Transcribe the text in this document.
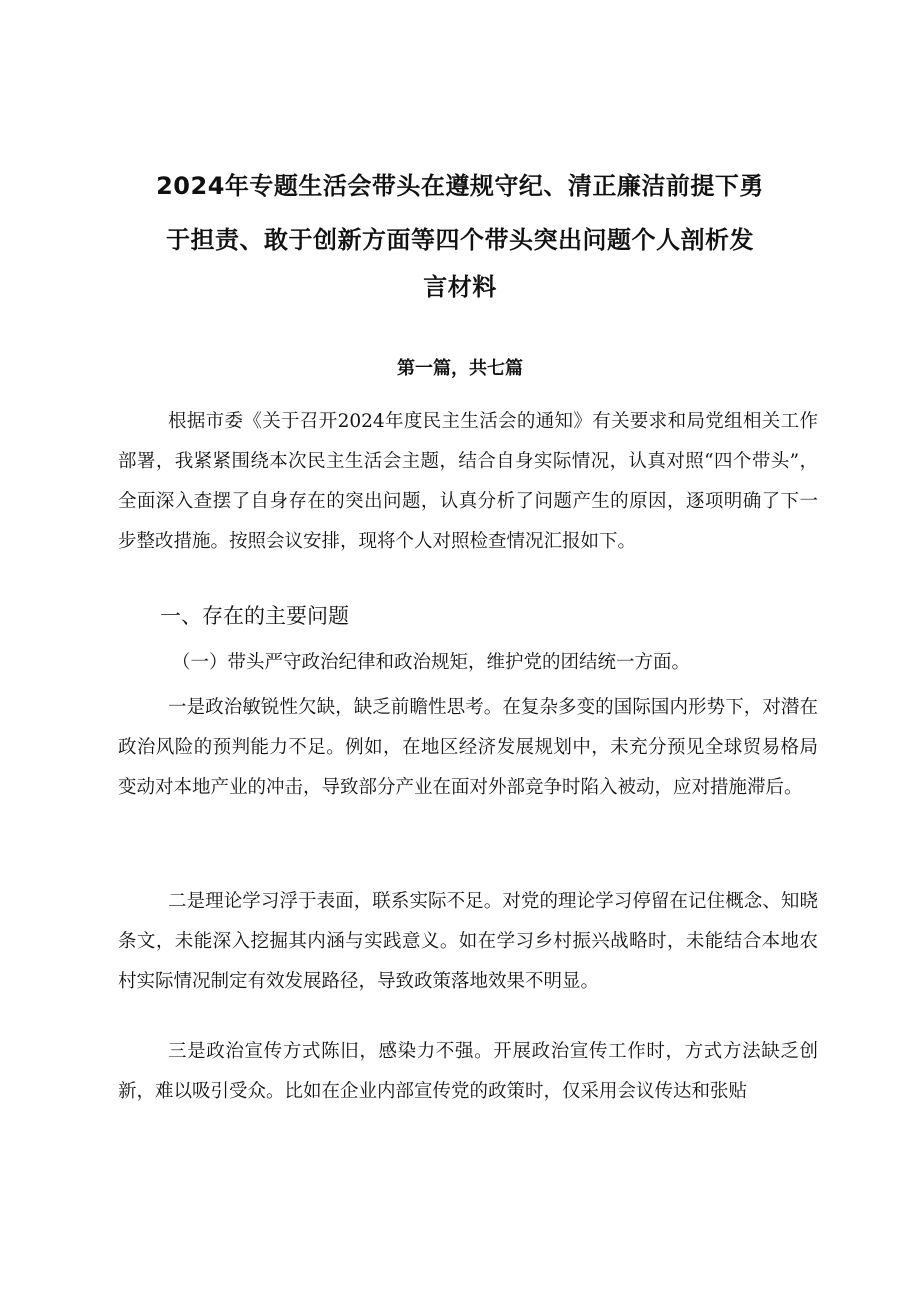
2024年专题生活会带头在遵规守纪、清正廉洁前提下勇
于担责、敢于创新方面等四个带头突出问题个人剖析发
言材料
第一篇，共七篇

根据市委《关于召开2024年度民主生活会的通知》有关要求和局党组相关工作部署，我紧紧围绕本次民主生活会主题，结合自身实际情况，认真对照“四个带头”，全面深入查摆了自身存在的突出问题，认真分析了问题产生的原因，逐项明确了下一步整改措施。按照会议安排，现将个人对照检查情况汇报如下。

一、存在的主要问题
（一）带头严守政治纪律和政治规矩，维护党的团结统一方面。

一是政治敏锐性欠缺，缺乏前瞻性思考。在复杂多变的国际国内形势下，对潜在政治风险的预判能力不足。例如，在地区经济发展规划中，未充分预见全球贸易格局变动对本地产业的冲击，导致部分产业在面对外部竞争时陷入被动，应对措施滞后。

二是理论学习浮于表面，联系实际不足。对党的理论学习停留在记住概念、知晓条文，未能深入挖掘其内涵与实践意义。如在学习乡村振兴战略时，未能结合本地农村实际情况制定有效发展路径，导致政策落地效果不明显。

三是政治宣传方式陈旧，感染力不强。开展政治宣传工作时，方式方法缺乏创新，难以吸引受众。比如在企业内部宣传党的政策时，仅采用会议传达和张贴
